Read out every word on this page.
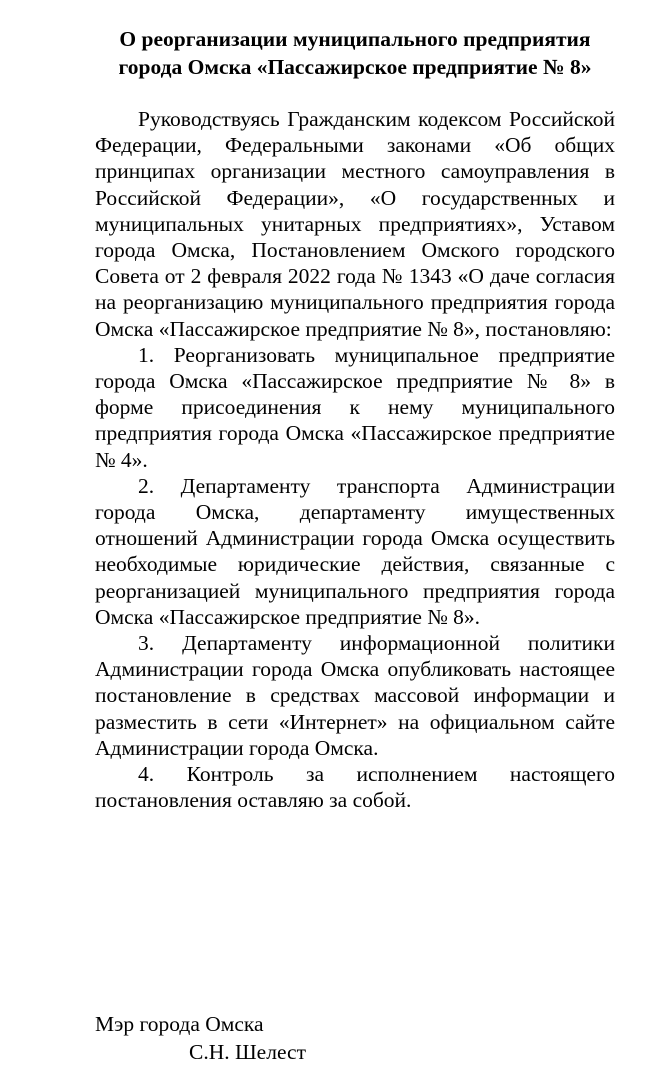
О реорганизации муниципального предприятия
города Омска «Пассажирское предприятие № 8»

Руководствуясь Гражданским кодексом Российской Федерации, Федеральными законами «Об общих принципах организации местного самоуправления в Российской Федерации», «О государственных и муниципальных унитарных предприятиях», Уставом города Омска, Постановлением Омского городского Совета от 2 февраля 2022 года № 1343 «О даче согласия на реорганизацию муниципального предприятия города Омска «Пассажирское предприятие № 8», постановляю:

1. Реорганизовать муниципальное предприятие города Омска «Пассажирское предприятие № 8» в форме присоединения к нему муниципального предприятия города Омска «Пассажирское предприятие № 4».

2. Департаменту транспорта Администрации города Омска, департаменту имущественных отношений Администрации города Омска осуществить необходимые юридические действия, связанные с реорганизацией муниципального предприятия города Омска «Пассажирское предприятие № 8».

3. Департаменту информационной политики Администрации города Омска опубликовать настоящее постановление в средствах массовой информации и разместить в сети «Интернет» на официальном сайте Администрации города Омска.

4. Контроль за исполнением настоящего постановления оставляю за собой.

Мэр города Омска
С.Н. Шелест
